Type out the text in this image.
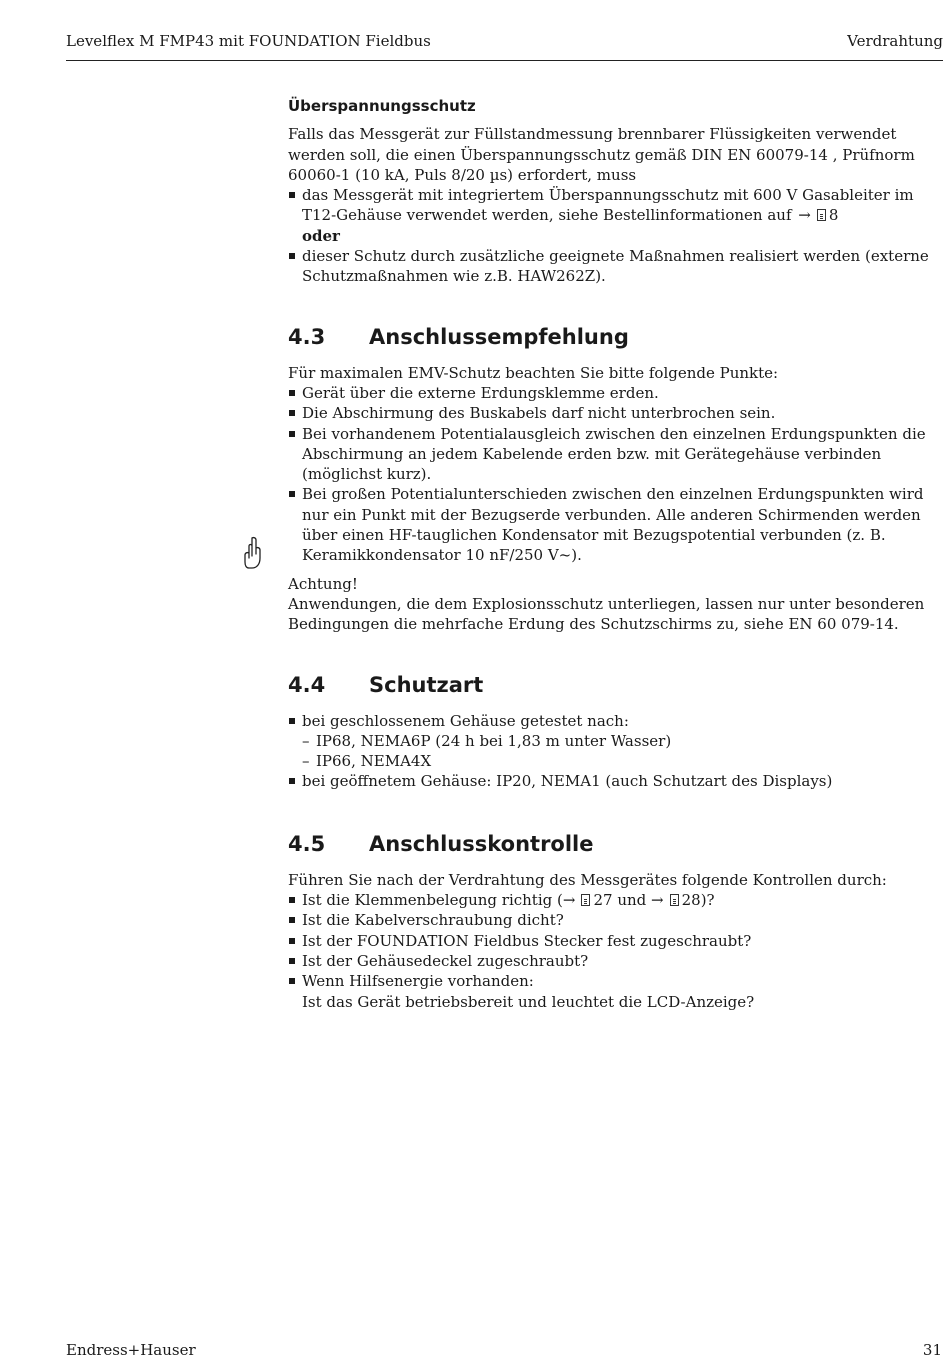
Levelflex M FMP43 mit FOUNDATION Fieldbus	Verdrahtung
Überspannungsschutz

Falls das Messgerät zur Füllstandmessung brennbarer Flüssigkeiten verwendet werden soll, die einen Überspannungsschutz gemäß DIN EN 60079-14 , Prüfnorm 60060-1 (10 kA, Puls 8/20 µs) erfordert, muss

das Messgerät mit integriertem Überspannungsschutz mit 600 V Gasableiter im T12-Gehäuse verwendet werden, siehe Bestellinformationen auf → 8
oder
dieser Schutz durch zusätzliche geeignete Maßnahmen realisiert werden (externe Schutzmaßnahmen wie z.B. HAW262Z).
4.3	Anschlussempfehlung

Für maximalen EMV-Schutz beachten Sie bitte folgende Punkte:

Gerät über die externe Erdungsklemme erden.
Die Abschirmung des Buskabels darf nicht unterbrochen sein.
Bei vorhandenem Potentialausgleich zwischen den einzelnen Erdungspunkten die Abschirmung an jedem Kabelende erden bzw. mit Gerätegehäuse verbinden (möglichst kurz).
Bei großen Potentialunterschieden zwischen den einzelnen Erdungspunkten wird nur ein Punkt mit der Bezugserde verbunden. Alle anderen Schirmenden werden über einen HF-tauglichen Kondensator mit Bezugspotential verbunden (z. B. Keramikkondensator 10 nF/250 V~).

Achtung!

Anwendungen, die dem Explosionsschutz unterliegen, lassen nur unter besonderen Bedingungen die mehrfache Erdung des Schutzschirms zu, siehe EN 60 079-14.

4.4	Schutzart
bei geschlossenem Gehäuse getestet nach:
– IP68, NEMA6P (24 h bei 1,83 m unter Wasser)
– IP66, NEMA4X
bei geöffnetem Gehäuse: IP20, NEMA1 (auch Schutzart des Displays)
4.5	Anschlusskontrolle

Führen Sie nach der Verdrahtung des Messgerätes folgende Kontrollen durch:

Ist die Klemmenbelegung richtig (→ 27 und → 28)?
Ist die Kabelverschraubung dicht?
Ist der FOUNDATION Fieldbus Stecker fest zugeschraubt?
Ist der Gehäusedeckel zugeschraubt?
Wenn Hilfsenergie vorhanden:
Ist das Gerät betriebsbereit und leuchtet die LCD-Anzeige?
Endress+Hauser	31
